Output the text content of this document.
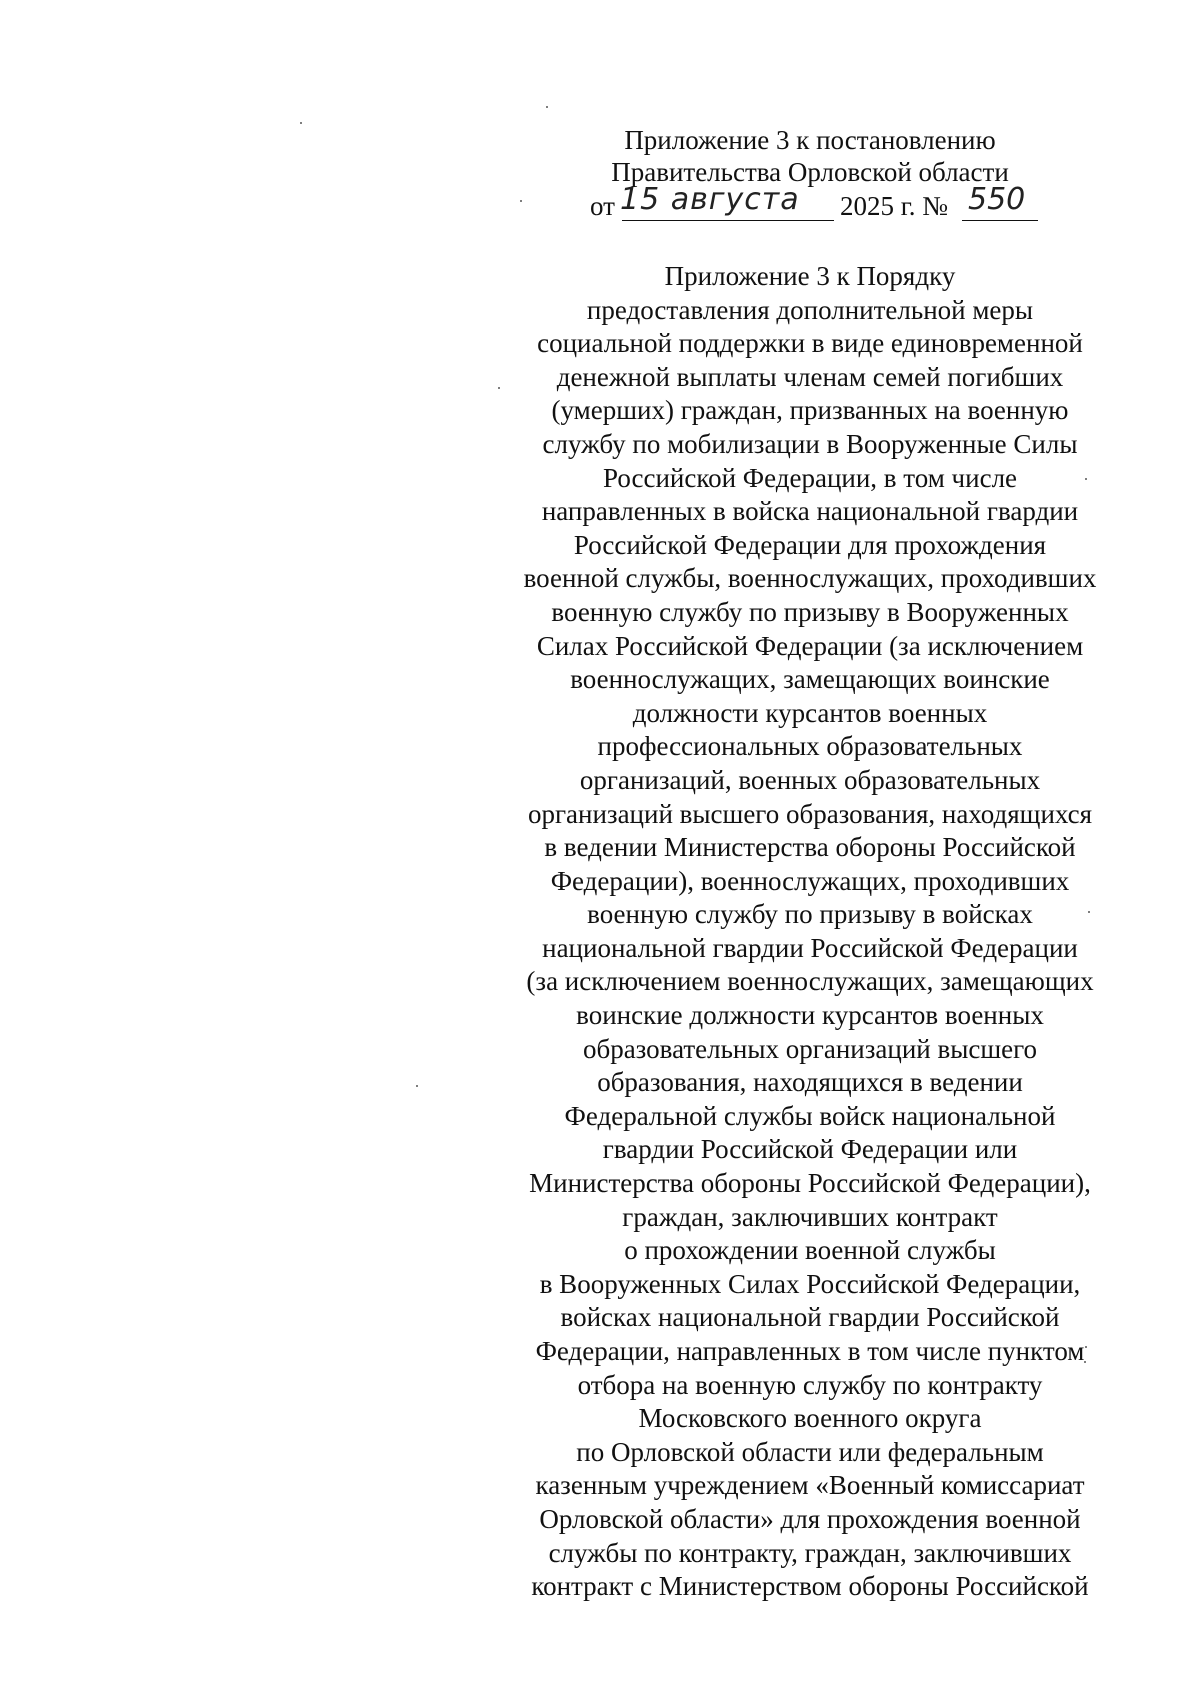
Приложение 3 к постановлению
Правительства Орловской области
от 15 августа 2025 г. № 550
Приложение 3 к Порядку
предоставления дополнительной меры
социальной поддержки в виде единовременной
денежной выплаты членам семей погибших
(умерших) граждан, призванных на военную
службу по мобилизации в Вооруженные Силы
Российской Федерации, в том числе
направленных в войска национальной гвардии
Российской Федерации для прохождения
военной службы, военнослужащих, проходивших
военную службу по призыву в Вооруженных
Силах Российской Федерации (за исключением
военнослужащих, замещающих воинские
должности курсантов военных
профессиональных образовательных
организаций, военных образовательных
организаций высшего образования, находящихся
в ведении Министерства обороны Российской
Федерации), военнослужащих, проходивших
военную службу по призыву в войсках
национальной гвардии Российской Федерации
(за исключением военнослужащих, замещающих
воинские должности курсантов военных
образовательных организаций высшего
образования, находящихся в ведении
Федеральной службы войск национальной
гвардии Российской Федерации или
Министерства обороны Российской Федерации),
граждан, заключивших контракт
о прохождении военной службы
в Вооруженных Силах Российской Федерации,
войсках национальной гвардии Российской
Федерации, направленных в том числе пунктом
отбора на военную службу по контракту
Московского военного округа
по Орловской области или федеральным
казенным учреждением «Военный комиссариат
Орловской области» для прохождения военной
службы по контракту, граждан, заключивших
контракт с Министерством обороны Российской
